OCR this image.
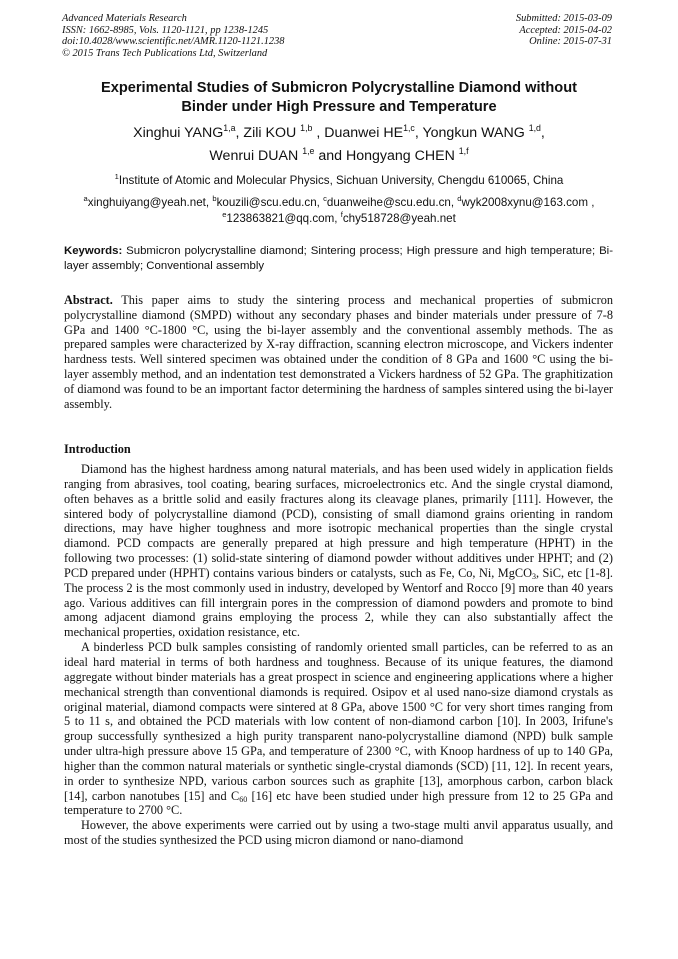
Advanced Materials Research
ISSN: 1662-8985, Vols. 1120-1121, pp 1238-1245
doi:10.4028/www.scientific.net/AMR.1120-1121.1238
© 2015 Trans Tech Publications Ltd, Switzerland
Submitted: 2015-03-09
Accepted: 2015-04-02
Online: 2015-07-31
Experimental Studies of Submicron Polycrystalline Diamond without
Binder under High Pressure and Temperature
Xinghui YANG$^{1,a}$, Zili KOU $^{1,b}$ , Duanwei HE$^{1,c}$, Yongkun WANG $^{1,d}$,
Wenrui DUAN $^{1,e}$ and Hongyang CHEN $^{1,f}$
$^1$Institute of Atomic and Molecular Physics, Sichuan University, Chengdu 610065, China
$^a$xinghuiyang@yeah.net, $^b$kouzili@scu.edu.cn, $^c$duanweihe@scu.edu.cn, $^d$wyk2008xynu@163.com ,
$^e$123863821@qq.com, $^f$chy518728@yeah.net
Keywords: Submicron polycrystalline diamond; Sintering process; High pressure and high temperature; Bi-layer assembly; Conventional assembly
Abstract. This paper aims to study the sintering process and mechanical properties of submicron polycrystalline diamond (SMPD) without any secondary phases and binder materials under pressure of 7-8 GPa and 1400 °C-1800 °C, using the bi-layer assembly and the conventional assembly methods. The as prepared samples were characterized by X-ray diffraction, scanning electron microscope, and Vickers indenter hardness tests. Well sintered specimen was obtained under the condition of 8 GPa and 1600 °C using the bi-layer assembly method, and an indentation test demonstrated a Vickers hardness of 52 GPa. The graphitization of diamond was found to be an important factor determining the hardness of samples sintered using the bi-layer assembly.
Introduction

Diamond has the highest hardness among natural materials, and has been used widely in application fields ranging from abrasives, tool coating, bearing surfaces, microelectronics etc. And the single crystal diamond, often behaves as a brittle solid and easily fractures along its cleavage planes, primarily [111]. However, the sintered body of polycrystalline diamond (PCD), consisting of small diamond grains orienting in random directions, may have higher toughness and more isotropic mechanical properties than the single crystal diamond. PCD compacts are generally prepared at high pressure and high temperature (HPHT) in the following two processes: (1) solid-state sintering of diamond powder without additives under HPHT; and (2) PCD prepared under (HPHT) contains various binders or catalysts, such as Fe, Co, Ni, MgCO$_3$, SiC, etc [1-8]. The process 2 is the most commonly used in industry, developed by Wentorf and Rocco [9] more than 40 years ago. Various additives can fill intergrain pores in the compression of diamond powders and promote to bind among adjacent diamond grains employing the process 2, while they can also substantially affect the mechanical properties, oxidation resistance, etc.

A binderless PCD bulk samples consisting of randomly oriented small particles, can be referred to as an ideal hard material in terms of both hardness and toughness. Because of its unique features, the diamond aggregate without binder materials has a great prospect in science and engineering applications where a higher mechanical strength than conventional diamonds is required. Osipov et al used nano-size diamond crystals as original material, diamond compacts were sintered at 8 GPa, above 1500 °C for very short times ranging from 5 to 11 s, and obtained the PCD materials with low content of non-diamond carbon [10]. In 2003, Irifune's group successfully synthesized a high purity transparent nano-polycrystalline diamond (NPD) bulk sample under ultra-high pressure above 15 GPa, and temperature of 2300 °C, with Knoop hardness of up to 140 GPa, higher than the common natural materials or synthetic single-crystal diamonds (SCD) [11, 12]. In recent years, in order to synthesize NPD, various carbon sources such as graphite [13], amorphous carbon, carbon black [14], carbon nanotubes [15] and $C_{60}$ [16] etc have been studied under high pressure from 12 to 25 GPa and temperature to 2700 °C.

However, the above experiments were carried out by using a two-stage multi anvil apparatus usually, and most of the studies synthesized the PCD using micron diamond or nano-diamond
